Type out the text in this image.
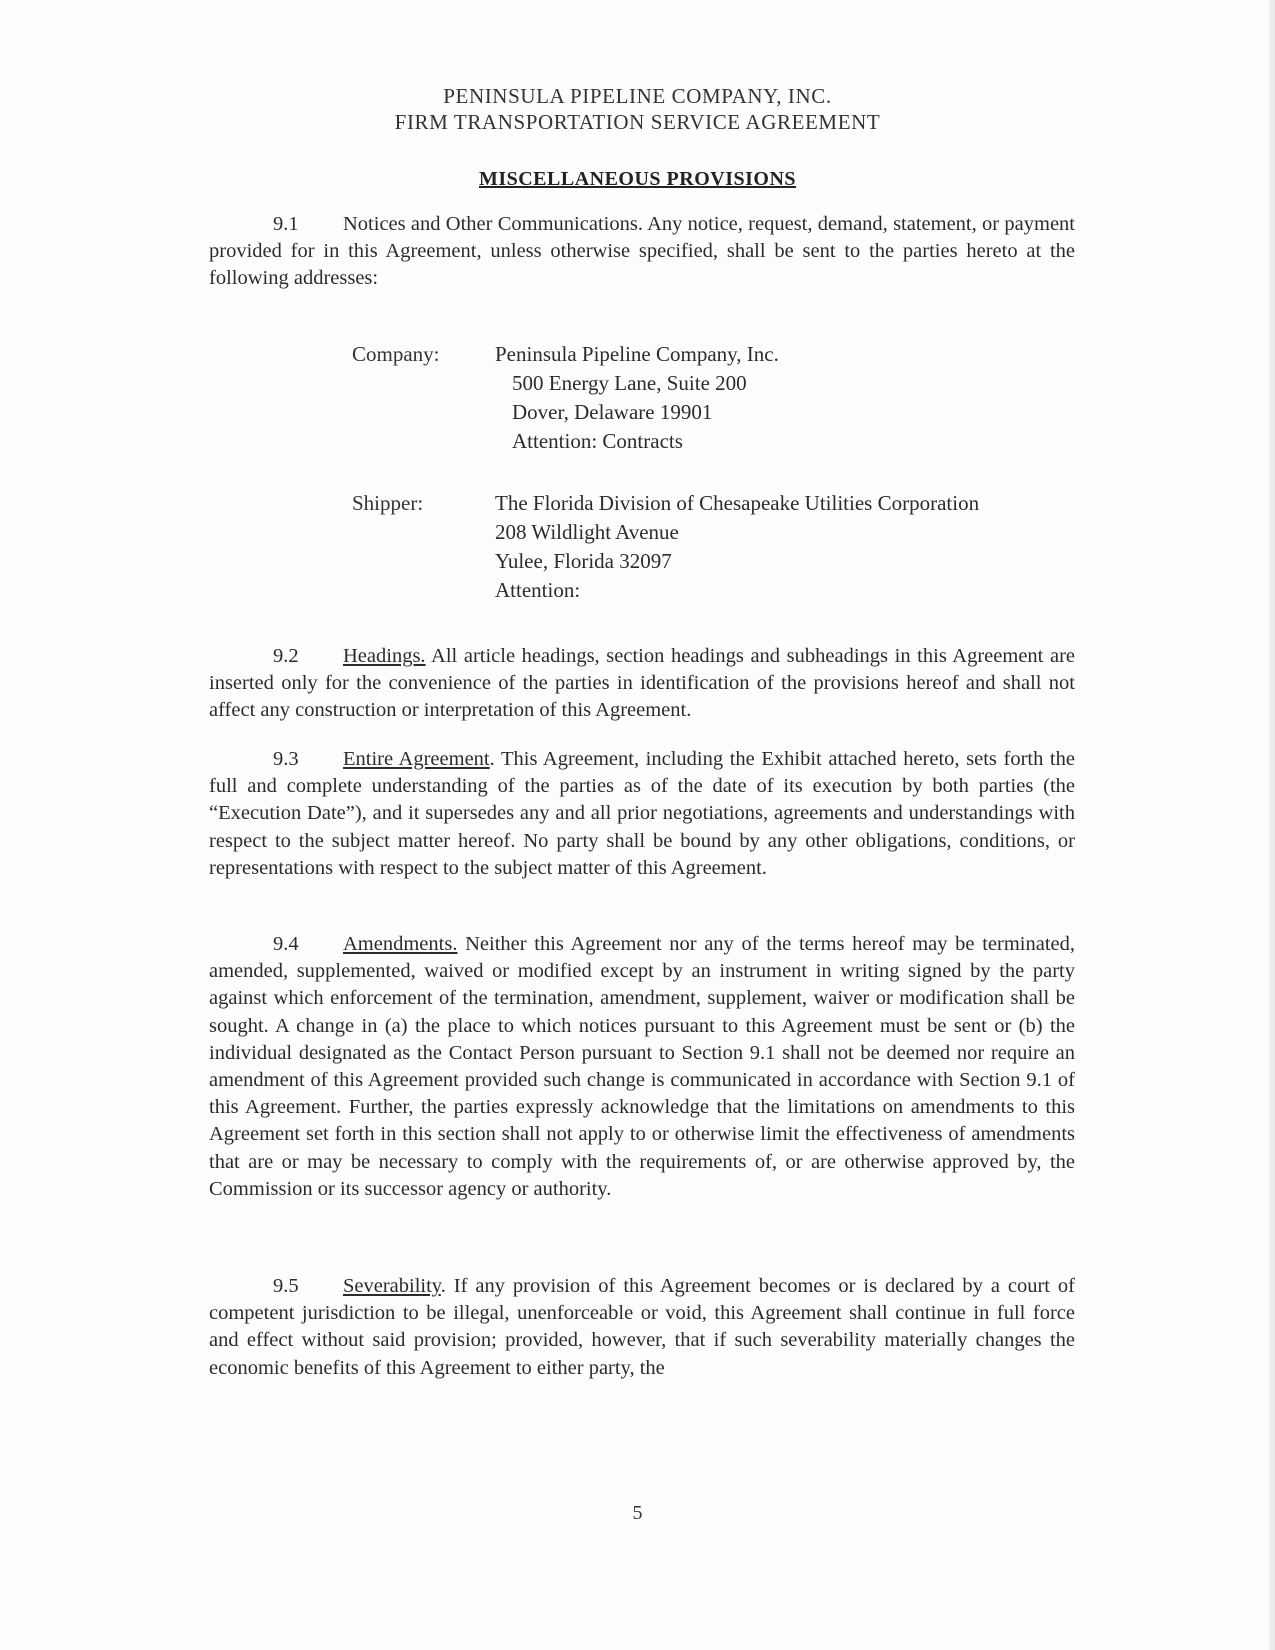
PENINSULA PIPELINE COMPANY, INC.
FIRM TRANSPORTATION SERVICE AGREEMENT
MISCELLANEOUS PROVISIONS

9.1 Notices and Other Communications. Any notice, request, demand, statement, or payment provided for in this Agreement, unless otherwise specified, shall be sent to the parties hereto at the following addresses:

Company:	Peninsula Pipeline Company, Inc.
500 Energy Lane, Suite 200
Dover, Delaware 19901
Attention: Contracts
Shipper:	The Florida Division of Chesapeake Utilities Corporation
208 Wildlight Avenue
Yulee, Florida 32097
Attention:

9.2 Headings. All article headings, section headings and subheadings in this Agreement are inserted only for the convenience of the parties in identification of the provisions hereof and shall not affect any construction or interpretation of this Agreement.

9.3 Entire Agreement. This Agreement, including the Exhibit attached hereto, sets forth the full and complete understanding of the parties as of the date of its execution by both parties (the “Execution Date”), and it supersedes any and all prior negotiations, agreements and understandings with respect to the subject matter hereof. No party shall be bound by any other obligations, conditions, or representations with respect to the subject matter of this Agreement.

9.4 Amendments. Neither this Agreement nor any of the terms hereof may be terminated, amended, supplemented, waived or modified except by an instrument in writing signed by the party against which enforcement of the termination, amendment, supplement, waiver or modification shall be sought. A change in (a) the place to which notices pursuant to this Agreement must be sent or (b) the individual designated as the Contact Person pursuant to Section 9.1 shall not be deemed nor require an amendment of this Agreement provided such change is communicated in accordance with Section 9.1 of this Agreement. Further, the parties expressly acknowledge that the limitations on amendments to this Agreement set forth in this section shall not apply to or otherwise limit the effectiveness of amendments that are or may be necessary to comply with the requirements of, or are otherwise approved by, the Commission or its successor agency or authority.

9.5 Severability. If any provision of this Agreement becomes or is declared by a court of competent jurisdiction to be illegal, unenforceable or void, this Agreement shall continue in full force and effect without said provision; provided, however, that if such severability materially changes the economic benefits of this Agreement to either party, the

5
